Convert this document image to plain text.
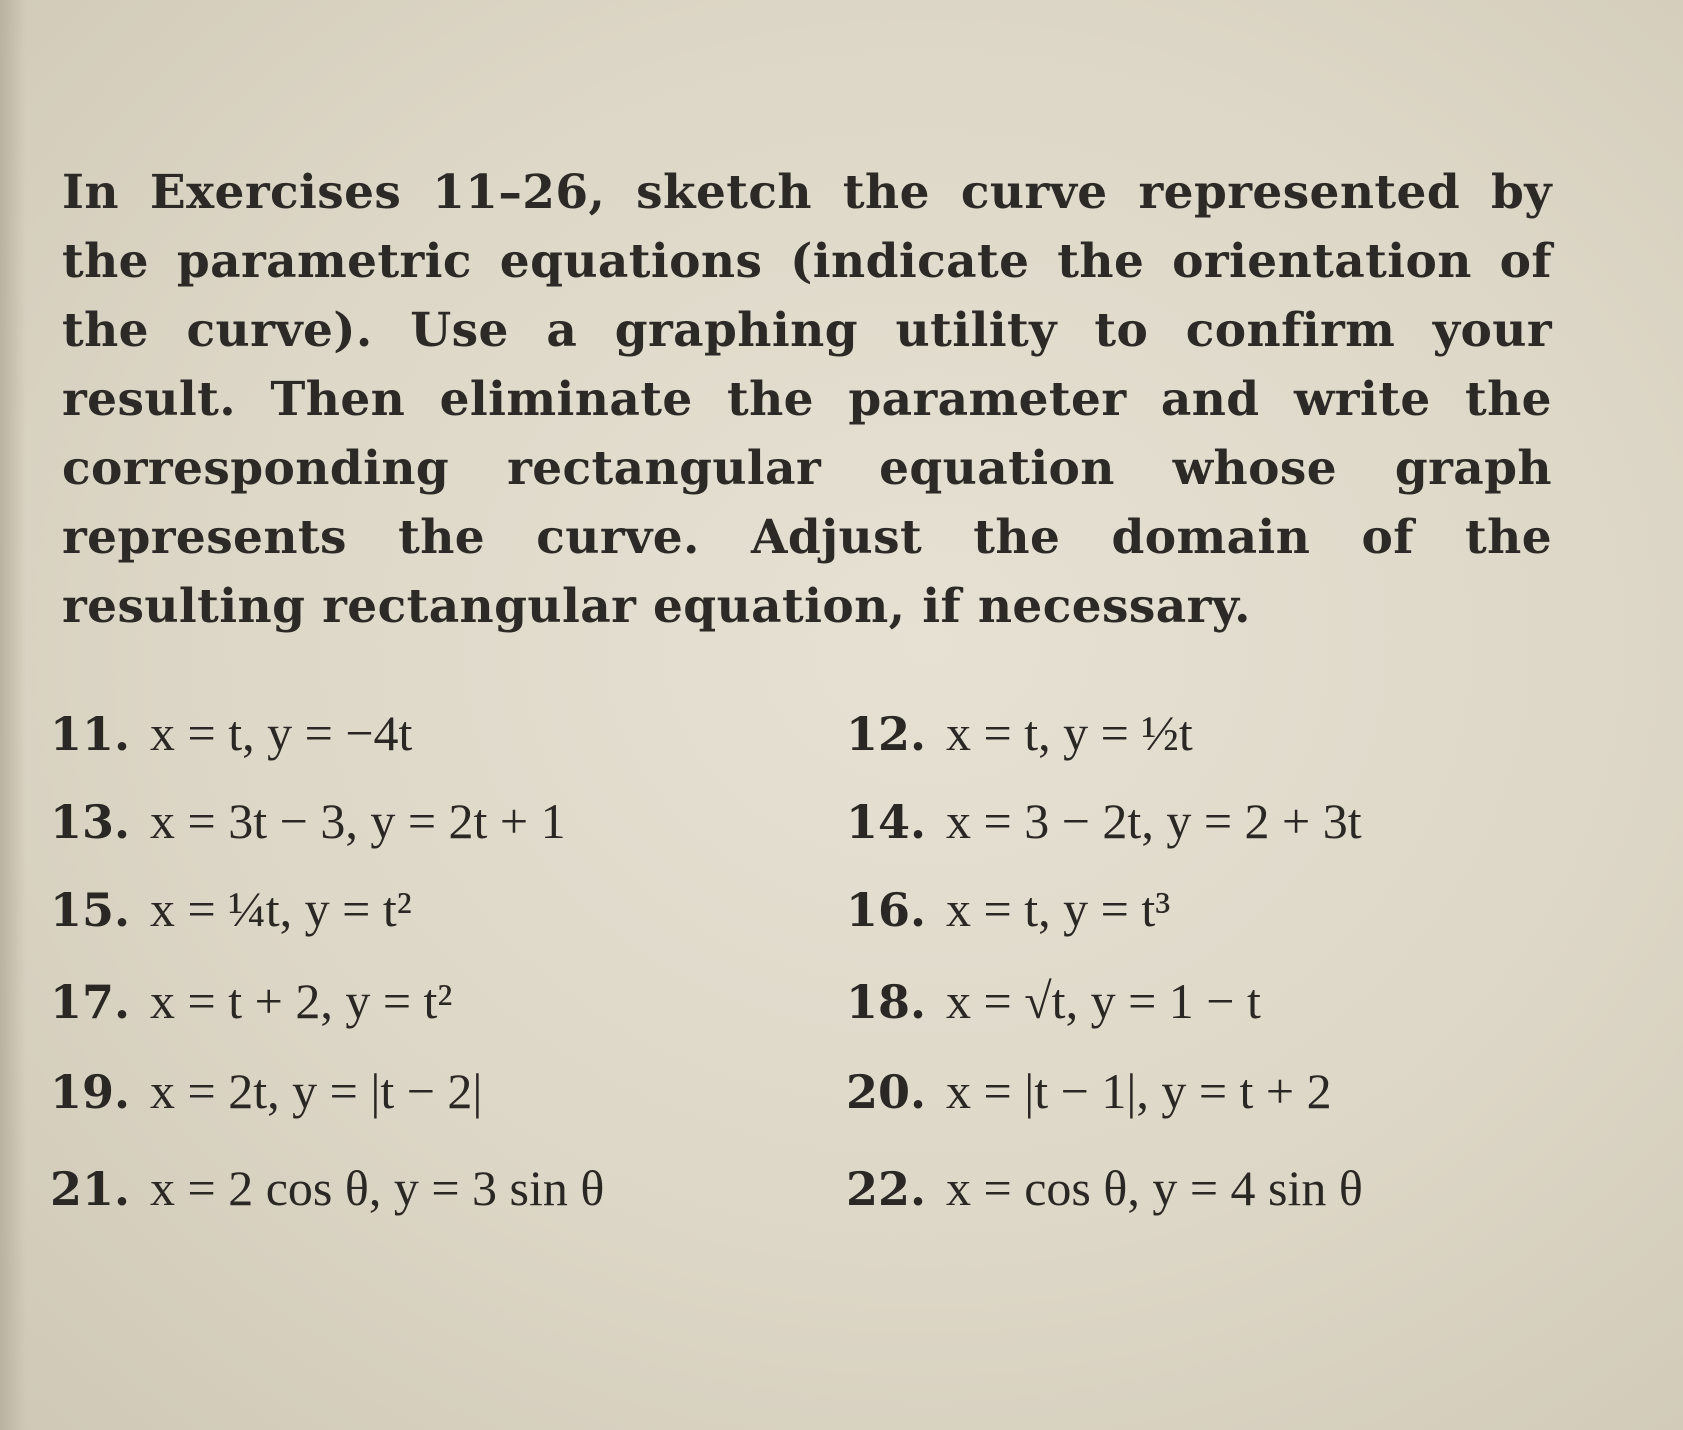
In Exercises 11–26, sketch the curve represented by the parametric equations (indicate the orientation of the curve). Use a graphing utility to confirm your result. Then eliminate the parameter and write the corresponding rectangular equation whose graph represents the curve. Adjust the domain of the resulting rectangular equation, if necessary.
11. x = t, y = −4t	12. x = t, y = ½t
13. x = 3t − 3, y = 2t + 1	14. x = 3 − 2t, y = 2 + 3t
15. x = ¼t, y = t²	16. x = t, y = t³
17. x = t + 2, y = t²	18. x = √t, y = 1 − t
19. x = 2t, y = |t − 2|	20. x = |t − 1|, y = t + 2
21. x = 2 cos θ, y = 3 sin θ	22. x = cos θ, y = 4 sin θ
